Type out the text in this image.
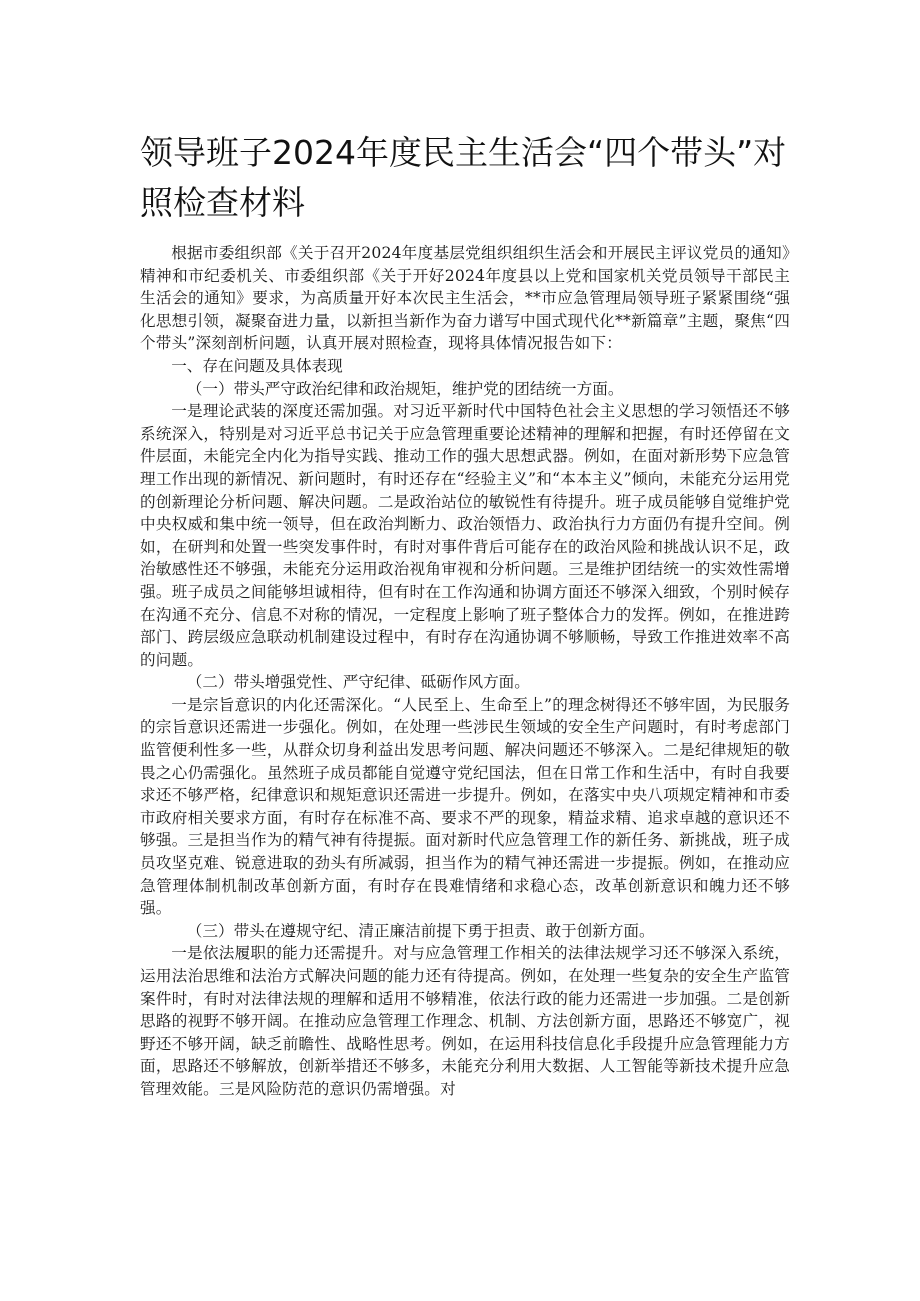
领导班子2024年度民主生活会“四个带头”对照检查材料

根据市委组织部《关于召开2024年度基层党组织组织生活会和开展民主评议党员的通知》精神和市纪委机关、市委组织部《关于开好2024年度县以上党和国家机关党员领导干部民主生活会的通知》要求，为高质量开好本次民主生活会，**市应急管理局领导班子紧紧围绕“强化思想引领，凝聚奋进力量，以新担当新作为奋力谱写中国式现代化**新篇章”主题，聚焦“四个带头”深刻剖析问题，认真开展对照检查，现将具体情况报告如下：

一、存在问题及具体表现

（一）带头严守政治纪律和政治规矩，维护党的团结统一方面。

一是理论武装的深度还需加强。对习近平新时代中国特色社会主义思想的学习领悟还不够系统深入，特别是对习近平总书记关于应急管理重要论述精神的理解和把握，有时还停留在文件层面，未能完全内化为指导实践、推动工作的强大思想武器。例如，在面对新形势下应急管理工作出现的新情况、新问题时，有时还存在“经验主义”和“本本主义”倾向，未能充分运用党的创新理论分析问题、解决问题。二是政治站位的敏锐性有待提升。班子成员能够自觉维护党中央权威和集中统一领导，但在政治判断力、政治领悟力、政治执行力方面仍有提升空间。例如，在研判和处置一些突发事件时，有时对事件背后可能存在的政治风险和挑战认识不足，政治敏感性还不够强，未能充分运用政治视角审视和分析问题。三是维护团结统一的实效性需增强。班子成员之间能够坦诚相待，但有时在工作沟通和协调方面还不够深入细致，个别时候存在沟通不充分、信息不对称的情况，一定程度上影响了班子整体合力的发挥。例如，在推进跨部门、跨层级应急联动机制建设过程中，有时存在沟通协调不够顺畅，导致工作推进效率不高的问题。

（二）带头增强党性、严守纪律、砥砺作风方面。

一是宗旨意识的内化还需深化。“人民至上、生命至上”的理念树得还不够牢固，为民服务的宗旨意识还需进一步强化。例如，在处理一些涉民生领域的安全生产问题时，有时考虑部门监管便利性多一些，从群众切身利益出发思考问题、解决问题还不够深入。二是纪律规矩的敬畏之心仍需强化。虽然班子成员都能自觉遵守党纪国法，但在日常工作和生活中，有时自我要求还不够严格，纪律意识和规矩意识还需进一步提升。例如，在落实中央八项规定精神和市委市政府相关要求方面，有时存在标准不高、要求不严的现象，精益求精、追求卓越的意识还不够强。三是担当作为的精气神有待提振。面对新时代应急管理工作的新任务、新挑战，班子成员攻坚克难、锐意进取的劲头有所减弱，担当作为的精气神还需进一步提振。例如，在推动应急管理体制机制改革创新方面，有时存在畏难情绪和求稳心态，改革创新意识和魄力还不够强。

（三）带头在遵规守纪、清正廉洁前提下勇于担责、敢于创新方面。

一是依法履职的能力还需提升。对与应急管理工作相关的法律法规学习还不够深入系统，运用法治思维和法治方式解决问题的能力还有待提高。例如，在处理一些复杂的安全生产监管案件时，有时对法律法规的理解和适用不够精准，依法行政的能力还需进一步加强。二是创新思路的视野不够开阔。在推动应急管理工作理念、机制、方法创新方面，思路还不够宽广，视野还不够开阔，缺乏前瞻性、战略性思考。例如，在运用科技信息化手段提升应急管理能力方面，思路还不够解放，创新举措还不够多，未能充分利用大数据、人工智能等新技术提升应急管理效能。三是风险防范的意识仍需增强。对
